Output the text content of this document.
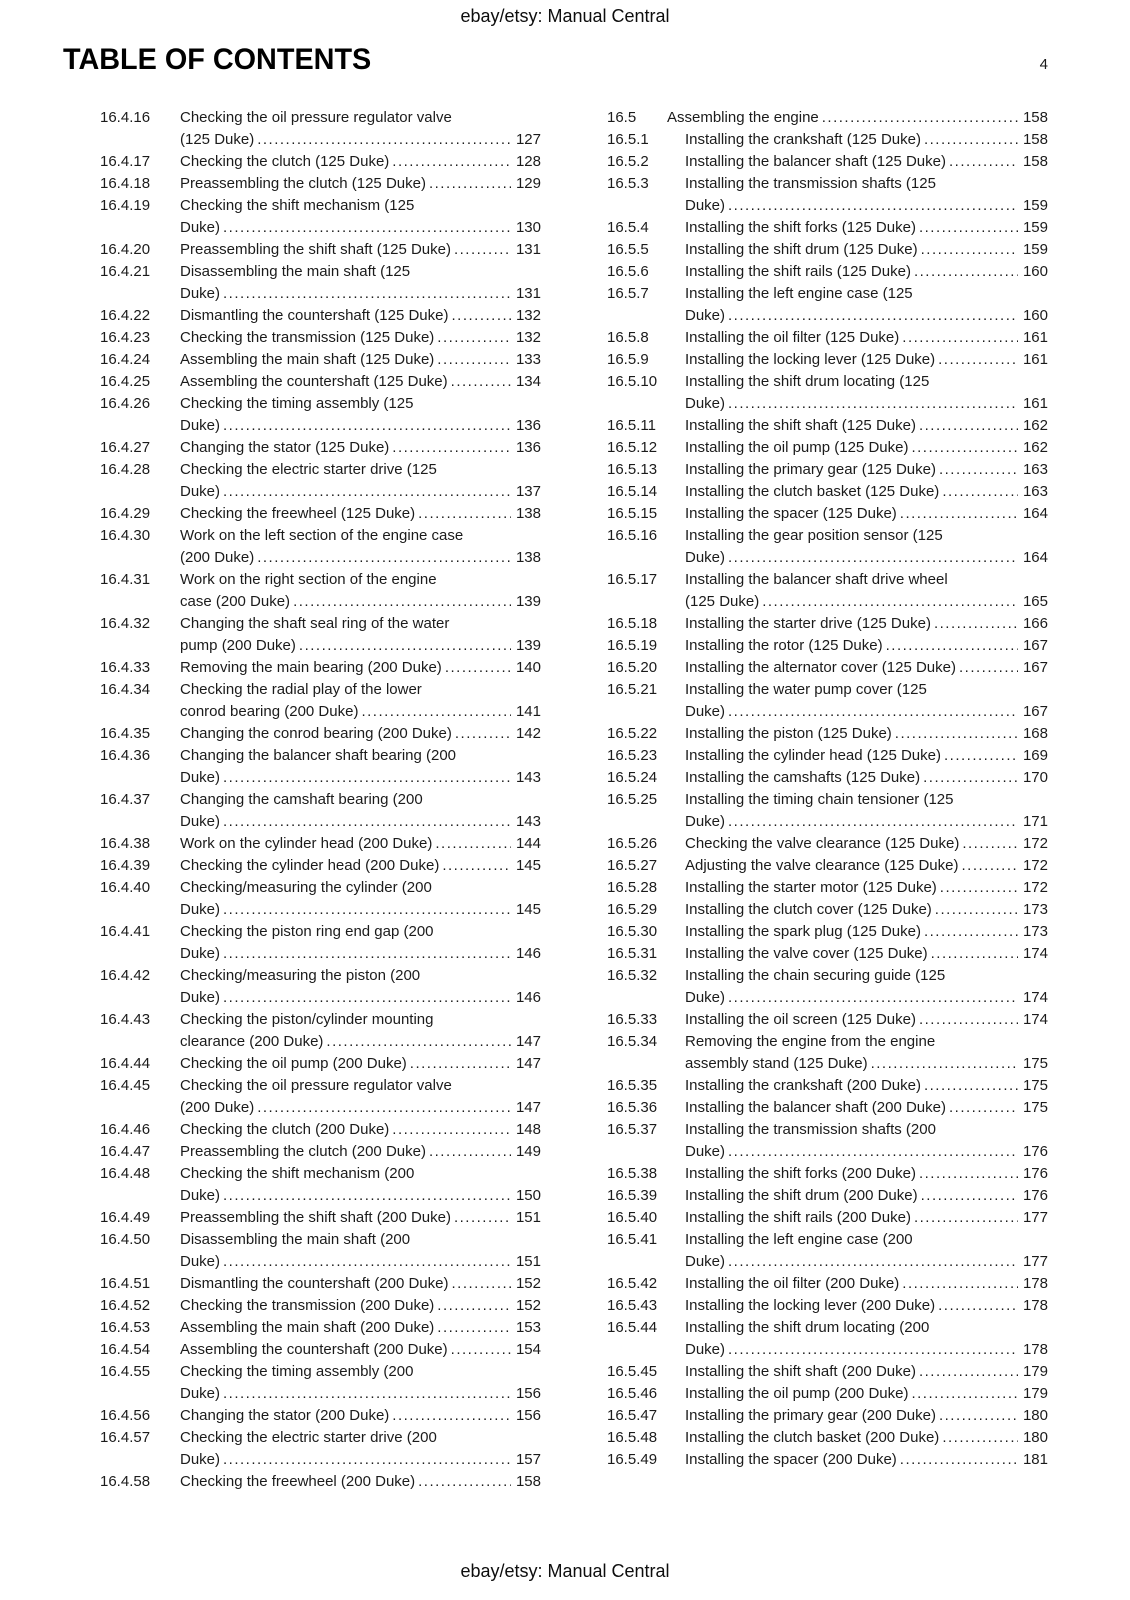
ebay/etsy: Manual Central
TABLE OF CONTENTS	4
16.4.16	Checking the oil pressure regulator valve
(125 Duke) .....	127
16.4.17	Checking the clutch (125 Duke) .....	128
16.4.18	Preassembling the clutch (125 Duke) .....	129
16.4.19	Checking the shift mechanism (125
Duke) .....	130
16.4.20	Preassembling the shift shaft (125 Duke) .....	131
16.4.21	Disassembling the main shaft (125
Duke) .....	131
16.4.22	Dismantling the countershaft (125 Duke) .....	132
16.4.23	Checking the transmission (125 Duke) .....	132
16.4.24	Assembling the main shaft (125 Duke) .....	133
16.4.25	Assembling the countershaft (125 Duke) .....	134
16.4.26	Checking the timing assembly (125
Duke) .....	136
16.4.27	Changing the stator (125 Duke) .....	136
16.4.28	Checking the electric starter drive (125
Duke) .....	137
16.4.29	Checking the freewheel (125 Duke) .....	138
16.4.30	Work on the left section of the engine case
(200 Duke) .....	138
16.4.31	Work on the right section of the engine
case (200 Duke) .....	139
16.4.32	Changing the shaft seal ring of the water
pump (200 Duke) .....	139
16.4.33	Removing the main bearing (200 Duke) .....	140
16.4.34	Checking the radial play of the lower
conrod bearing (200 Duke) .....	141
16.4.35	Changing the conrod bearing (200 Duke) .....	142
16.4.36	Changing the balancer shaft bearing (200
Duke) .....	143
16.4.37	Changing the camshaft bearing (200
Duke) .....	143
16.4.38	Work on the cylinder head (200 Duke) .....	144
16.4.39	Checking the cylinder head (200 Duke) .....	145
16.4.40	Checking/measuring the cylinder (200
Duke) .....	145
16.4.41	Checking the piston ring end gap (200
Duke) .....	146
16.4.42	Checking/measuring the piston (200
Duke) .....	146
16.4.43	Checking the piston/cylinder mounting
clearance (200 Duke) .....	147
16.4.44	Checking the oil pump (200 Duke) .....	147
16.4.45	Checking the oil pressure regulator valve
(200 Duke) .....	147
16.4.46	Checking the clutch (200 Duke) .....	148
16.4.47	Preassembling the clutch (200 Duke) .....	149
16.4.48	Checking the shift mechanism (200
Duke) .....	150
16.4.49	Preassembling the shift shaft (200 Duke) .....	151
16.4.50	Disassembling the main shaft (200
Duke) .....	151
16.4.51	Dismantling the countershaft (200 Duke) .....	152
16.4.52	Checking the transmission (200 Duke) .....	152
16.4.53	Assembling the main shaft (200 Duke) .....	153
16.4.54	Assembling the countershaft (200 Duke) .....	154
16.4.55	Checking the timing assembly (200
Duke) .....	156
16.4.56	Changing the stator (200 Duke) .....	156
16.4.57	Checking the electric starter drive (200
Duke) .....	157
16.4.58	Checking the freewheel (200 Duke) .....	158
16.5	Assembling the engine .....	158
16.5.1	Installing the crankshaft (125 Duke) .....	158
16.5.2	Installing the balancer shaft (125 Duke) .....	158
16.5.3	Installing the transmission shafts (125
Duke) .....	159
16.5.4	Installing the shift forks (125 Duke) .....	159
16.5.5	Installing the shift drum (125 Duke) .....	159
16.5.6	Installing the shift rails (125 Duke) .....	160
16.5.7	Installing the left engine case (125
Duke) .....	160
16.5.8	Installing the oil filter (125 Duke) .....	161
16.5.9	Installing the locking lever (125 Duke) .....	161
16.5.10	Installing the shift drum locating (125
Duke) .....	161
16.5.11	Installing the shift shaft (125 Duke) .....	162
16.5.12	Installing the oil pump (125 Duke) .....	162
16.5.13	Installing the primary gear (125 Duke) .....	163
16.5.14	Installing the clutch basket (125 Duke) .....	163
16.5.15	Installing the spacer (125 Duke) .....	164
16.5.16	Installing the gear position sensor (125
Duke) .....	164
16.5.17	Installing the balancer shaft drive wheel
(125 Duke) .....	165
16.5.18	Installing the starter drive (125 Duke) .....	166
16.5.19	Installing the rotor (125 Duke) .....	167
16.5.20	Installing the alternator cover (125 Duke) .....	167
16.5.21	Installing the water pump cover (125
Duke) .....	167
16.5.22	Installing the piston (125 Duke) .....	168
16.5.23	Installing the cylinder head (125 Duke) .....	169
16.5.24	Installing the camshafts (125 Duke) .....	170
16.5.25	Installing the timing chain tensioner (125
Duke) .....	171
16.5.26	Checking the valve clearance (125 Duke) .....	172
16.5.27	Adjusting the valve clearance (125 Duke) .....	172
16.5.28	Installing the starter motor (125 Duke) .....	172
16.5.29	Installing the clutch cover (125 Duke) .....	173
16.5.30	Installing the spark plug (125 Duke) .....	173
16.5.31	Installing the valve cover (125 Duke) .....	174
16.5.32	Installing the chain securing guide (125
Duke) .....	174
16.5.33	Installing the oil screen (125 Duke) .....	174
16.5.34	Removing the engine from the engine
assembly stand (125 Duke) .....	175
16.5.35	Installing the crankshaft (200 Duke) .....	175
16.5.36	Installing the balancer shaft (200 Duke) .....	175
16.5.37	Installing the transmission shafts (200
Duke) .....	176
16.5.38	Installing the shift forks (200 Duke) .....	176
16.5.39	Installing the shift drum (200 Duke) .....	176
16.5.40	Installing the shift rails (200 Duke) .....	177
16.5.41	Installing the left engine case (200
Duke) .....	177
16.5.42	Installing the oil filter (200 Duke) .....	178
16.5.43	Installing the locking lever (200 Duke) .....	178
16.5.44	Installing the shift drum locating (200
Duke) .....	178
16.5.45	Installing the shift shaft (200 Duke) .....	179
16.5.46	Installing the oil pump (200 Duke) .....	179
16.5.47	Installing the primary gear (200 Duke) .....	180
16.5.48	Installing the clutch basket (200 Duke) .....	180
16.5.49	Installing the spacer (200 Duke) .....	181
ebay/etsy: Manual Central
